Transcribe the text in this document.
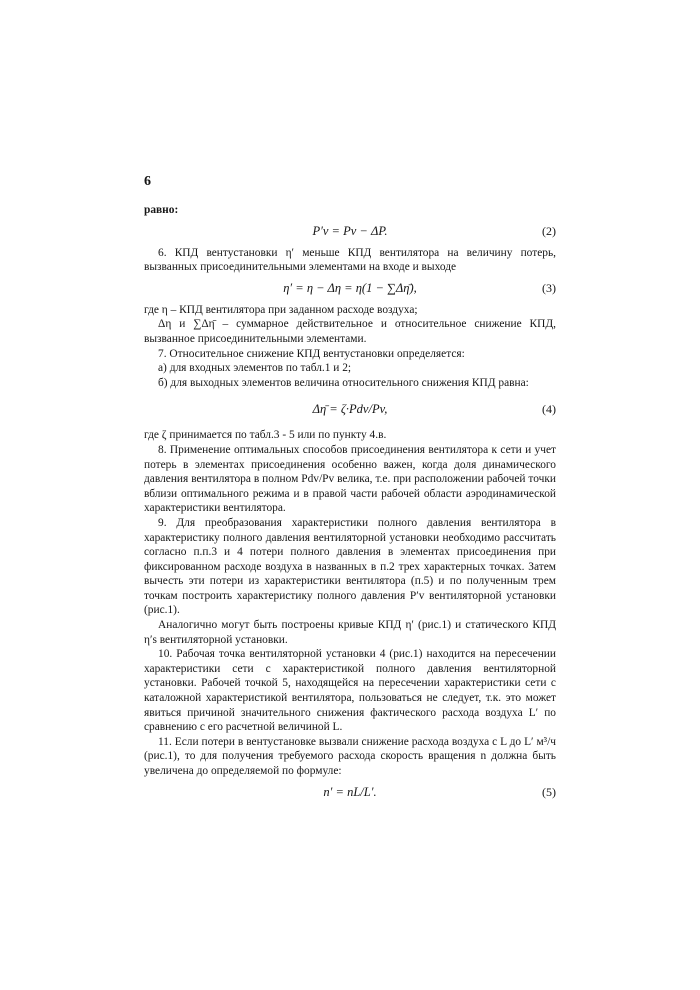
6

равно:

P′v = Pv − ΔP.	(2)

6. КПД вентустановки η′ меньше КПД вентилятора на величину потерь, вызванных присоединительными элементами на входе и выходе

η′ = η − Δη = η(1 − ∑Δη̄),	(3)

где η – КПД вентилятора при заданном расходе воздуха;

Δη и ∑Δη̄ – суммарное действительное и относительное снижение КПД, вызванное присоединительными элементами.

7. Относительное снижение КПД вентустановки определяется:

а) для входных элементов по табл.1 и 2;

б) для выходных элементов величина относительного снижения КПД равна:

Δη̄ = ζ·Pdv/Pv,	(4)

где ζ принимается по табл.3 - 5 или по пункту 4.в.

8. Применение оптимальных способов присоединения вентилятора к сети и учет потерь в элементах присоединения особенно важен, когда доля динамического давления вентилятора в полном Pdv/Pv велика, т.е. при расположении рабочей точки вблизи оптимального режима и в правой части рабочей области аэродинамической характеристики вентилятора.

9. Для преобразования характеристики полного давления вентилятора в характеристику полного давления вентиляторной установки необходимо рассчитать согласно п.п.3 и 4 потери полного давления в элементах присоединения при фиксированном расходе воздуха в названных в п.2 трех характерных точках. Затем вычесть эти потери из характеристики вентилятора (п.5) и по полученным трем точкам построить характеристику полного давления P′v вентиляторной установки (рис.1).

Аналогично могут быть построены кривые КПД η′ (рис.1) и статического КПД η′s вентиляторной установки.

10. Рабочая точка вентиляторной установки 4 (рис.1) находится на пересечении характеристики сети с характеристикой полного давления вентиляторной установки. Рабочей точкой 5, находящейся на пересечении характеристики сети с каталожной характеристикой вентилятора, пользоваться не следует, т.к. это может явиться причиной значительного снижения фактического расхода воздуха L′ по сравнению с его расчетной величиной L.

11. Если потери в вентустановке вызвали снижение расхода воздуха с L до L′ м³/ч (рис.1), то для получения требуемого расхода скорость вращения n должна быть увеличена до определяемой по формуле:

n′ = nL/L′.	(5)
